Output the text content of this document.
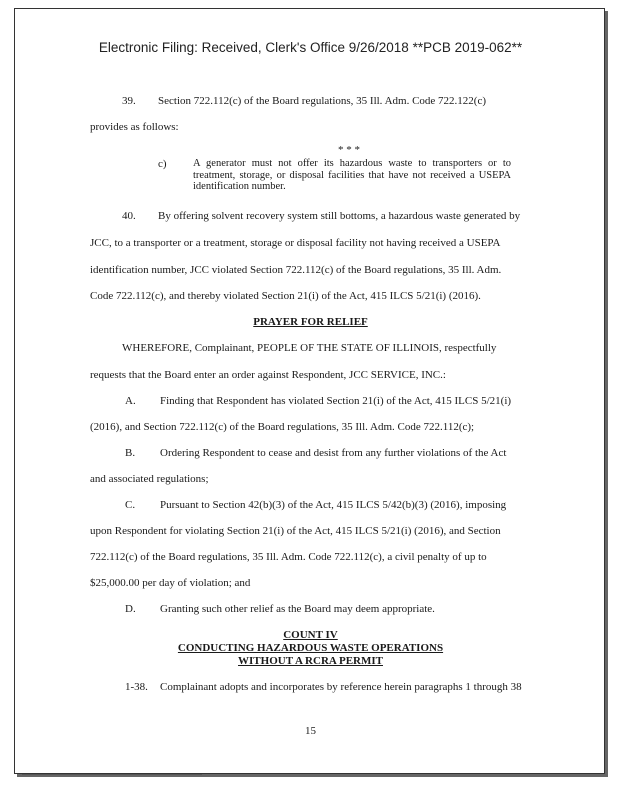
Electronic Filing: Received, Clerk's Office 9/26/2018 **PCB 2019-062**
39. Section 722.112(c) of the Board regulations, 35 Ill. Adm. Code 722.122(c)
provides as follows:
* * *
c)	A generator must not offer its hazardous waste to transporters or to treatment, storage, or disposal facilities that have not received a USEPA identification number.
40. By offering solvent recovery system still bottoms, a hazardous waste generated by
JCC, to a transporter or a treatment, storage or disposal facility not having received a USEPA
identification number, JCC violated Section 722.112(c) of the Board regulations, 35 Ill. Adm.
Code 722.112(c), and thereby violated Section 21(i) of the Act, 415 ILCS 5/21(i) (2016).
PRAYER FOR RELIEF
WHEREFORE, Complainant, PEOPLE OF THE STATE OF ILLINOIS, respectfully
requests that the Board enter an order against Respondent, JCC SERVICE, INC.:
A. Finding that Respondent has violated Section 21(i) of the Act, 415 ILCS 5/21(i)
(2016), and Section 722.112(c) of the Board regulations, 35 Ill. Adm. Code 722.112(c);
B. Ordering Respondent to cease and desist from any further violations of the Act
and associated regulations;
C. Pursuant to Section 42(b)(3) of the Act, 415 ILCS 5/42(b)(3) (2016), imposing
upon Respondent for violating Section 21(i) of the Act, 415 ILCS 5/21(i) (2016), and Section
722.112(c) of the Board regulations, 35 Ill. Adm. Code 722.112(c), a civil penalty of up to
$25,000.00 per day of violation; and
D. Granting such other relief as the Board may deem appropriate.
COUNT IV
CONDUCTING HAZARDOUS WASTE OPERATIONS
WITHOUT A RCRA PERMIT
1-38. Complainant adopts and incorporates by reference herein paragraphs 1 through 38
15
